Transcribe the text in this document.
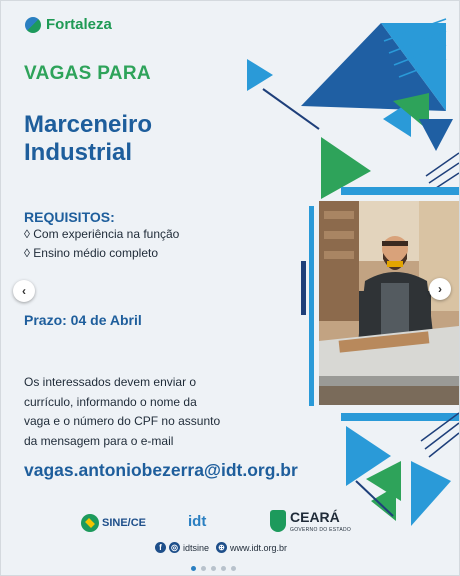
Fortaleza
VAGAS PARA
Marceneiro
Industrial
REQUISITOS:
◊ Com experiência na função
◊ Ensino médio completo
Prazo: 04 de Abril
Os interessados devem enviar o
currículo, informando o nome da
vaga e o número do CPF no assunto
da mensagem para o e-mail
vagas.antoniobezerra@idt.org.br
‹	›
SINE/CE	idt	CEARÁ
GOVERNO DO ESTADO
f	◎ idtsine ⊕ www.idt.org.br
